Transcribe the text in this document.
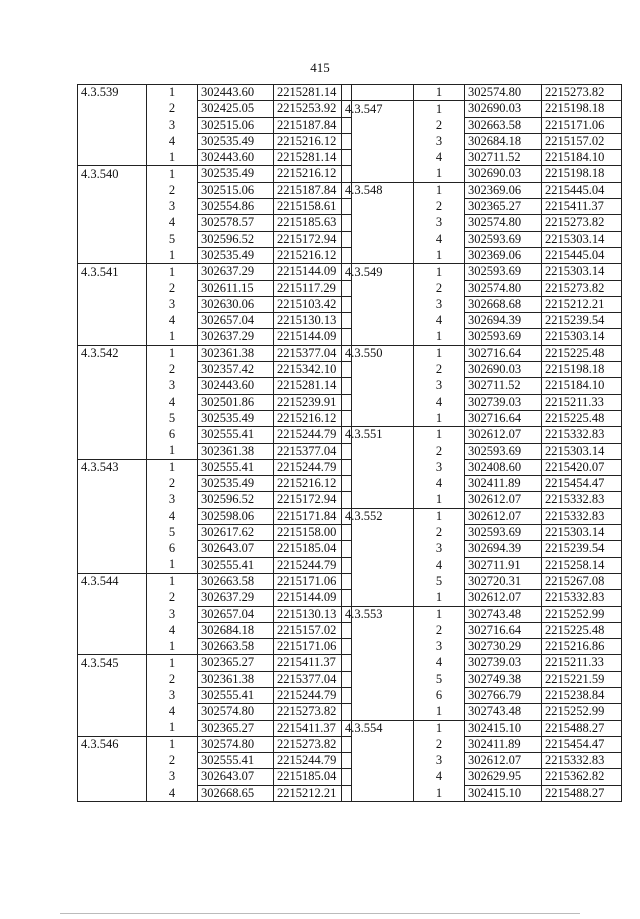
415
4.3.539	1	302443.60	2215281.14
	2	302425.05	2215253.92
	3	302515.06	2215187.84
	4	302535.49	2215216.12
	1	302443.60	2215281.14
4.3.540	1	302535.49	2215216.12
	2	302515.06	2215187.84
	3	302554.86	2215158.61
	4	302578.57	2215185.63
	5	302596.52	2215172.94
	1	302535.49	2215216.12
4.3.541	1	302637.29	2215144.09
	2	302611.15	2215117.29
	3	302630.06	2215103.42
	4	302657.04	2215130.13
	1	302637.29	2215144.09
4.3.542	1	302361.38	2215377.04
	2	302357.42	2215342.10
	3	302443.60	2215281.14
	4	302501.86	2215239.91
	5	302535.49	2215216.12
	6	302555.41	2215244.79
	1	302361.38	2215377.04
4.3.543	1	302555.41	2215244.79
	2	302535.49	2215216.12
	3	302596.52	2215172.94
	4	302598.06	2215171.84
	5	302617.62	2215158.00
	6	302643.07	2215185.04
	1	302555.41	2215244.79
4.3.544	1	302663.58	2215171.06
	2	302637.29	2215144.09
	3	302657.04	2215130.13
	4	302684.18	2215157.02
	1	302663.58	2215171.06
4.3.545	1	302365.27	2215411.37
	2	302361.38	2215377.04
	3	302555.41	2215244.79
	4	302574.80	2215273.82
	1	302365.27	2215411.37
4.3.546	1	302574.80	2215273.82
	2	302555.41	2215244.79
	3	302643.07	2215185.04
	4	302668.65	2215212.21
	1	302574.80	2215273.82
4.3.547	1	302690.03	2215198.18
	2	302663.58	2215171.06
	3	302684.18	2215157.02
	4	302711.52	2215184.10
	1	302690.03	2215198.18
4.3.548	1	302369.06	2215445.04
	2	302365.27	2215411.37
	3	302574.80	2215273.82
	4	302593.69	2215303.14
	1	302369.06	2215445.04
4.3.549	1	302593.69	2215303.14
	2	302574.80	2215273.82
	3	302668.68	2215212.21
	4	302694.39	2215239.54
	1	302593.69	2215303.14
4.3.550	1	302716.64	2215225.48
	2	302690.03	2215198.18
	3	302711.52	2215184.10
	4	302739.03	2215211.33
	1	302716.64	2215225.48
4.3.551	1	302612.07	2215332.83
	2	302593.69	2215303.14
	3	302408.60	2215420.07
	4	302411.89	2215454.47
	1	302612.07	2215332.83
4.3.552	1	302612.07	2215332.83
	2	302593.69	2215303.14
	3	302694.39	2215239.54
	4	302711.91	2215258.14
	5	302720.31	2215267.08
	1	302612.07	2215332.83
4.3.553	1	302743.48	2215252.99
	2	302716.64	2215225.48
	3	302730.29	2215216.86
	4	302739.03	2215211.33
	5	302749.38	2215221.59
	6	302766.79	2215238.84
	1	302743.48	2215252.99
4.3.554	1	302415.10	2215488.27
	2	302411.89	2215454.47
	3	302612.07	2215332.83
	4	302629.95	2215362.82
	1	302415.10	2215488.27
